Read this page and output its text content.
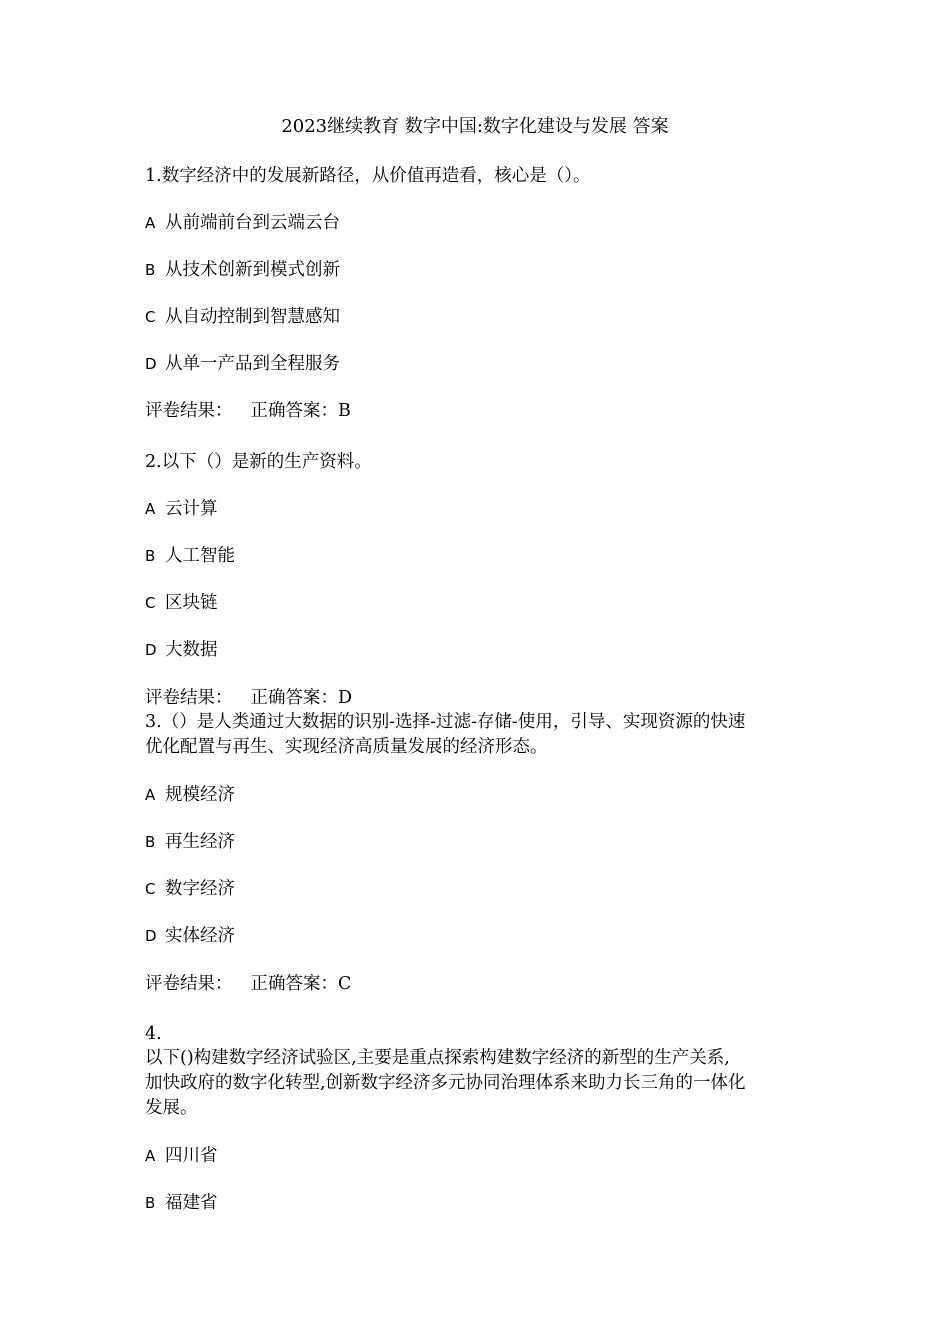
2023继续教育 数字中国:数字化建设与发展 答案
1.数字经济中的发展新路径，从价值再造看，核心是（）。
A 从前端前台到云端云台
B 从技术创新到模式创新
C 从自动控制到智慧感知
D 从单一产品到全程服务
评卷结果： 正确答案：B
2.以下（）是新的生产资料。
A 云计算
B 人工智能
C 区块链
D 大数据
评卷结果： 正确答案：D
3.（）是人类通过大数据的识别-选择-过滤-存储-使用，引导、实现资源的快速
优化配置与再生、实现经济高质量发展的经济形态。
A 规模经济
B 再生经济
C 数字经济
D 实体经济
评卷结果： 正确答案：C
4.
以下()构建数字经济试验区,主要是重点探索构建数字经济的新型的生产关系,
加快政府的数字化转型,创新数字经济多元协同治理体系来助力长三角的一体化
发展。
A 四川省
B 福建省
